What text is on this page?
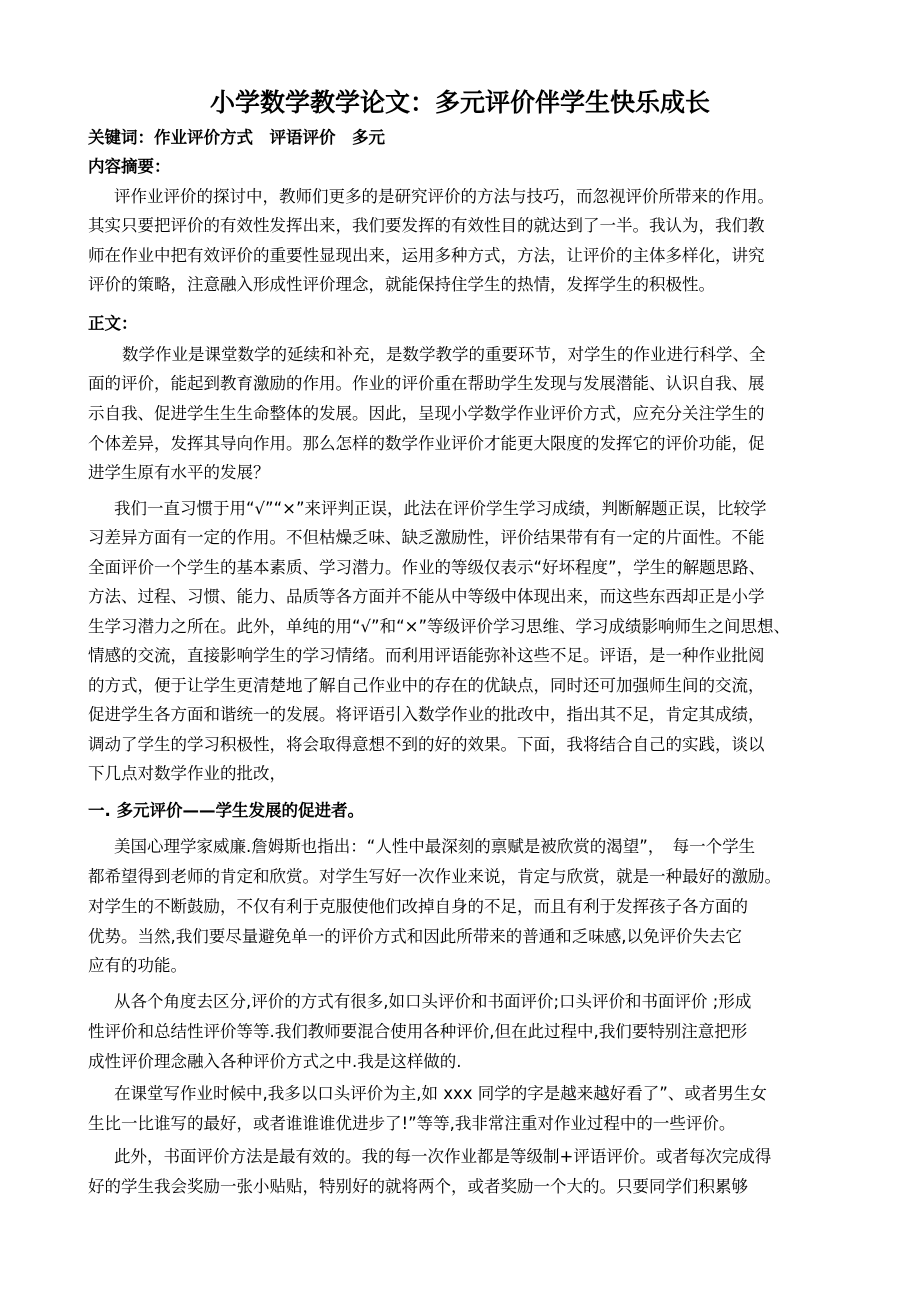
小学数学教学论文：多元评价伴学生快乐成长
关键词：作业评价方式　评语评价　多元
内容摘要：
评作业评价的探讨中，教师们更多的是研究评价的方法与技巧，而忽视评价所带来的作用。
其实只要把评价的有效性发挥出来，我们要发挥的有效性目的就达到了一半。我认为，我们教
师在作业中把有效评价的重要性显现出来，运用多种方式，方法，让评价的主体多样化，讲究
评价的策略，注意融入形成性评价理念，就能保持住学生的热情，发挥学生的积极性。
正文：
数学作业是课堂数学的延续和补充，是数学教学的重要环节，对学生的作业进行科学、全
面的评价，能起到教育激励的作用。作业的评价重在帮助学生发现与发展潜能、认识自我、展
示自我、促进学生生生命整体的发展。因此，呈现小学数学作业评价方式，应充分关注学生的
个体差异，发挥其导向作用。那么怎样的数学作业评价才能更大限度的发挥它的评价功能，促
进学生原有水平的发展？
我们一直习惯于用“√”“×”来评判正误，此法在评价学生学习成绩，判断解题正误，比较学
习差异方面有一定的作用。不但枯燥乏味、缺乏激励性，评价结果带有有一定的片面性。不能
全面评价一个学生的基本素质、学习潜力。作业的等级仅表示“好坏程度”，学生的解题思路、
方法、过程、习惯、能力、品质等各方面并不能从中等级中体现出来，而这些东西却正是小学
生学习潜力之所在。此外，单纯的用“√”和“×”等级评价学习思维、学习成绩影响师生之间思想、
情感的交流，直接影响学生的学习情绪。而利用评语能弥补这些不足。评语，是一种作业批阅
的方式，便于让学生更清楚地了解自己作业中的存在的优缺点，同时还可加强师生间的交流，
促进学生各方面和谐统一的发展。将评语引入数学作业的批改中，指出其不足，肯定其成绩，
调动了学生的学习积极性，将会取得意想不到的好的效果。下面，我将结合自己的实践，谈以
下几点对数学作业的批改，
一. 多元评价——学生发展的促进者。
美国心理学家威廉.詹姆斯也指出：“人性中最深刻的禀赋是被欣赏的渴望”，　每一个学生
都希望得到老师的肯定和欣赏。对学生写好一次作业来说，肯定与欣赏，就是一种最好的激励。
对学生的不断鼓励，不仅有利于克服使他们改掉自身的不足，而且有利于发挥孩子各方面的
优势。当然,我们要尽量避免单一的评价方式和因此所带来的普通和乏味感,以免评价失去它
应有的功能。
从各个角度去区分,评价的方式有很多,如口头评价和书面评价;口头评价和书面评价 ;形成
性评价和总结性评价等等.我们教师要混合使用各种评价,但在此过程中,我们要特别注意把形
成性评价理念融入各种评价方式之中.我是这样做的.
在课堂写作业时候中,我多以口头评价为主,如 xxx 同学的字是越来越好看了”、或者男生女
生比一比谁写的最好，或者谁谁谁优进步了!”等等,我非常注重对作业过程中的一些评价。
此外，书面评价方法是最有效的。我的每一次作业都是等级制+评语评价。或者每次完成得
好的学生我会奖励一张小贴贴，特别好的就将两个，或者奖励一个大的。只要同学们积累够
